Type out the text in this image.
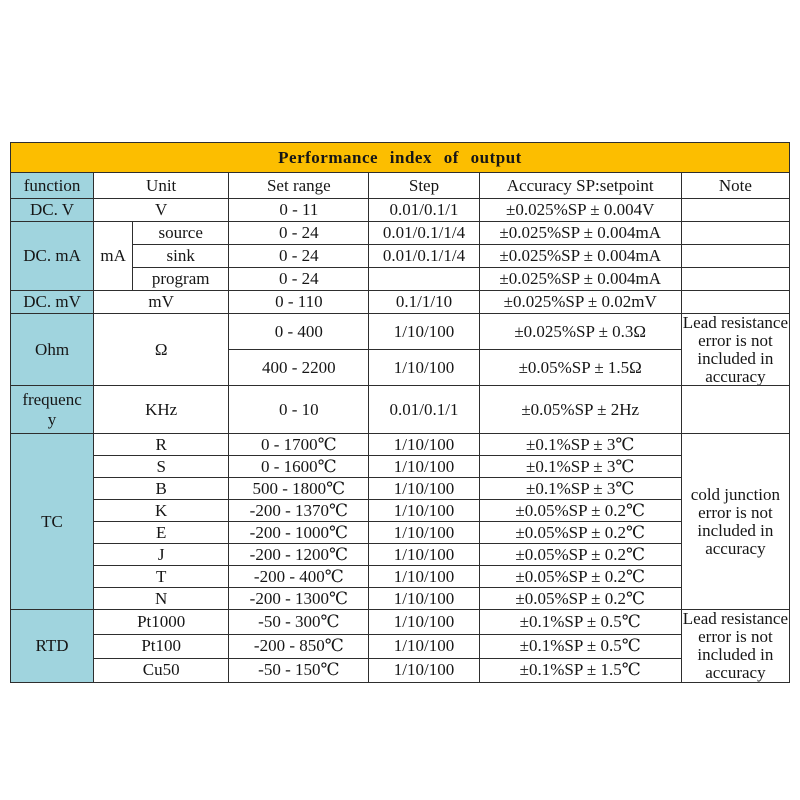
Performance index of output						
function	Unit		Set range	Step	Accuracy SP:setpoint	Note
DC. V	V		0 - 11	0.01/0.1/1	±0.025%SP ± 0.004V	
DC. mA	mA	source	0 - 24	0.01/0.1/1/4	±0.025%SP ± 0.004mA	
		sink	0 - 24	0.01/0.1/1/4	±0.025%SP ± 0.004mA	
		program	0 - 24		±0.025%SP ± 0.004mA	
DC. mV	mV		0 - 110	0.1/1/10	±0.025%SP ± 0.02mV	
Ohm	Ω		0 - 400	1/10/100	±0.025%SP ± 0.3Ω	Lead resistance error is not included in accuracy
			400 - 2200	1/10/100	±0.05%SP ± 1.5Ω	
frequency	KHz		0 - 10	0.01/0.1/1	±0.05%SP ± 2Hz	
TC	R		0 - 1700℃	1/10/100	±0.1%SP ± 3℃	cold junction error is not included in accuracy
	S		0 - 1600℃	1/10/100	±0.1%SP ± 3℃	
	B		500 - 1800℃	1/10/100	±0.1%SP ± 3℃	
	K		-200 - 1370℃	1/10/100	±0.05%SP ± 0.2℃	
	E		-200 - 1000℃	1/10/100	±0.05%SP ± 0.2℃	
	J		-200 - 1200℃	1/10/100	±0.05%SP ± 0.2℃	
	T		-200 - 400℃	1/10/100	±0.05%SP ± 0.2℃	
	N		-200 - 1300℃	1/10/100	±0.05%SP ± 0.2℃	
RTD	Pt1000		-50 - 300℃	1/10/100	±0.1%SP ± 0.5℃	Lead resistance error is not included in accuracy
	Pt100		-200 - 850℃	1/10/100	±0.1%SP ± 0.5℃	
	Cu50		-50 - 150℃	1/10/100	±0.1%SP ± 1.5℃	
